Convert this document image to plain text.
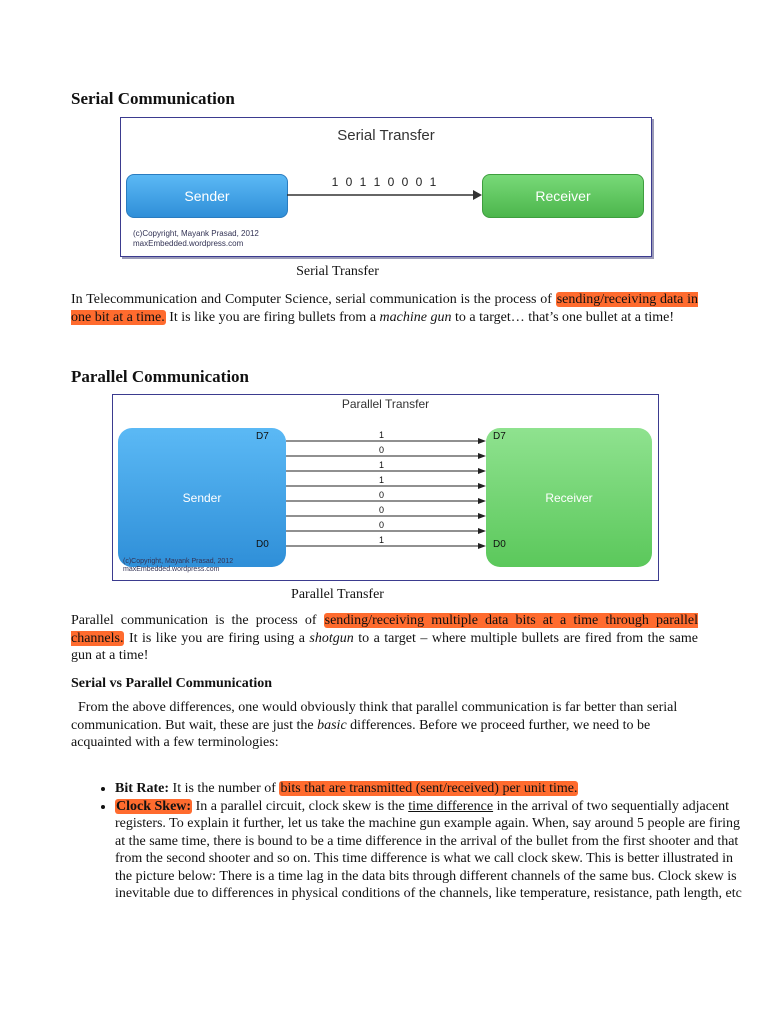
Serial Communication
Serial Transfer
Sender	Receiver
1 0 1 1 0 0 0 1
(c)Copyright, Mayank Prasad, 2012
maxEmbedded.wordpress.com
Serial Transfer

In Telecommunication and Computer Science, serial communication is the process of sending/receiving data in one bit at a time. It is like you are firing bullets from a machine gun to a target… that’s one bullet at a time!

Parallel Communication
Parallel Transfer
Sender	Receiver
D7
D0
D7
D0
1
0
1
1
0
0
0
1
(c)Copyright, Mayank Prasad, 2012
maxEmbedded.wordpress.com
Parallel Transfer

Parallel communication is the process of sending/receiving multiple data bits at a time through parallel channels. It is like you are firing using a shotgun to a target – where multiple bullets are fired from the same gun at a time!

Serial vs Parallel Communication

From the above differences, one would obviously think that parallel communication is far better than serial communication. But wait, these are just the basic differences. Before we proceed further, we need to be acquainted with a few terminologies:

• Bit Rate: It is the number of bits that are transmitted (sent/received) per unit time.
• Clock Skew: In a parallel circuit, clock skew is the time difference in the arrival of two sequentially adjacent registers. To explain it further, let us take the machine gun example again. When, say around 5 people are firing at the same time, there is bound to be a time difference in the arrival of the bullet from the first shooter and that from the second shooter and so on. This time difference is what we call clock skew. This is better illustrated in the picture below: There is a time lag in the data bits through different channels of the same bus. Clock skew is inevitable due to differences in physical conditions of the channels, like temperature, resistance, path length, etc
